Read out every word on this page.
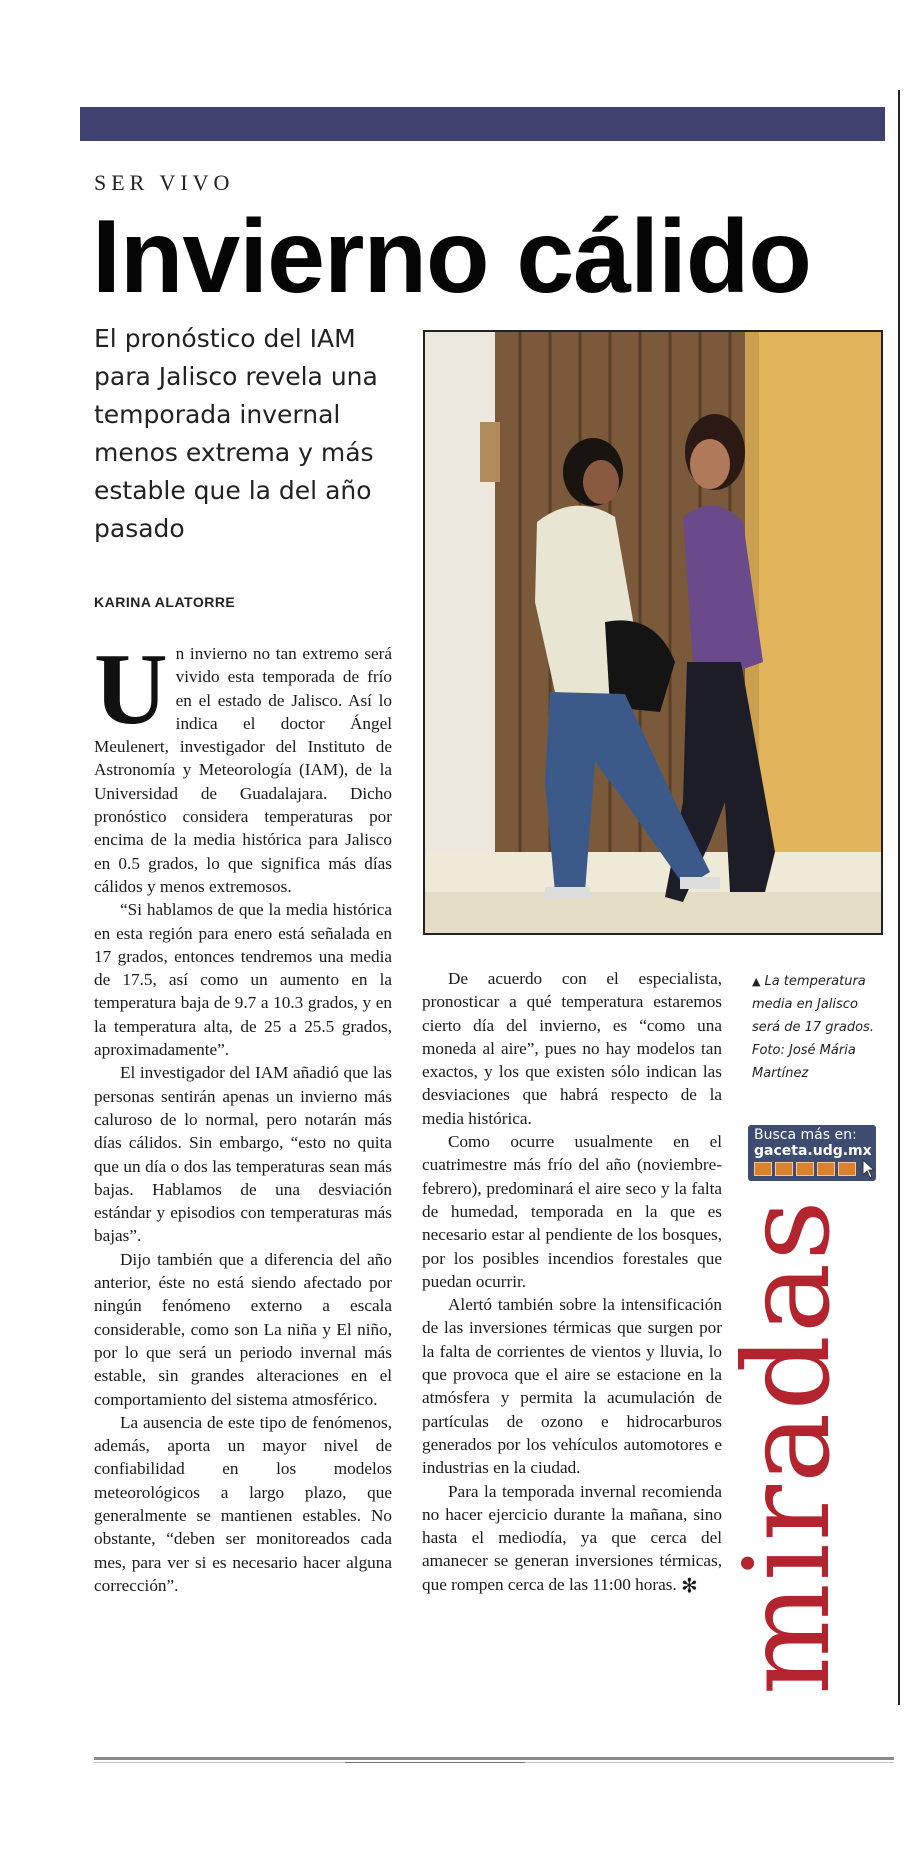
SER VIVO
Invierno cálido
El pronóstico del IAM para Jalisco revela una temporada invernal menos extrema y más estable que la del año pasado
KARINA ALATORRE

Un invierno no tan extremo será vivido esta temporada de frío en el estado de Jalisco. Así lo indica el doctor Ángel Meulenert, investigador del Instituto de Astronomía y Meteorología (IAM), de la Universidad de Guadalajara. Dicho pronóstico considera temperaturas por encima de la media histórica para Jalisco en 0.5 grados, lo que significa más días cálidos y menos extremosos.

“Si hablamos de que la media histórica en esta región para enero está señalada en 17 grados, entonces tendremos una media de 17.5, así como un aumento en la temperatura baja de 9.7 a 10.3 grados, y en la temperatura alta, de 25 a 25.5 grados, aproximadamente”.

El investigador del IAM añadió que las personas sentirán apenas un invierno más caluroso de lo normal, pero notarán más días cálidos. Sin embargo, “esto no quita que un día o dos las temperaturas sean más bajas. Hablamos de una desviación estándar y episodios con temperaturas más bajas”.

Dijo también que a diferencia del año anterior, éste no está siendo afectado por ningún fenómeno externo a escala considerable, como son La niña y El niño, por lo que será un periodo invernal más estable, sin grandes alteraciones en el comportamiento del sistema atmosférico.

La ausencia de este tipo de fenómenos, además, aporta un mayor nivel de confiabilidad en los modelos meteorológicos a largo plazo, que generalmente se mantienen estables. No obstante, “deben ser monitoreados cada mes, para ver si es necesario hacer alguna corrección”.

De acuerdo con el especialista, pronosticar a qué temperatura estaremos cierto día del invierno, es “como una moneda al aire”, pues no hay modelos tan exactos, y los que existen sólo indican las desviaciones que habrá respecto de la media histórica.

Como ocurre usualmente en el cuatrimestre más frío del año (noviembre-febrero), predominará el aire seco y la falta de humedad, temporada en la que es necesario estar al pendiente de los bosques, por los posibles incendios forestales que puedan ocurrir.

Alertó también sobre la intensificación de las inversiones térmicas que surgen por la falta de corrientes de vientos y lluvia, lo que provoca que el aire se estacione en la atmósfera y permita la acumulación de partículas de ozono e hidrocarburos generados por los vehículos automotores e industrias en la ciudad.

Para la temporada invernal recomienda no hacer ejercicio durante la mañana, sino hasta el mediodía, ya que cerca del amanecer se generan inversiones térmicas, que rompen cerca de las 11:00 horas. ✻

▲ La temperatura media en Jalisco será de 17 grados. Foto: José Mária Martínez
Busca más en:
gaceta.udg.mx
miradas
